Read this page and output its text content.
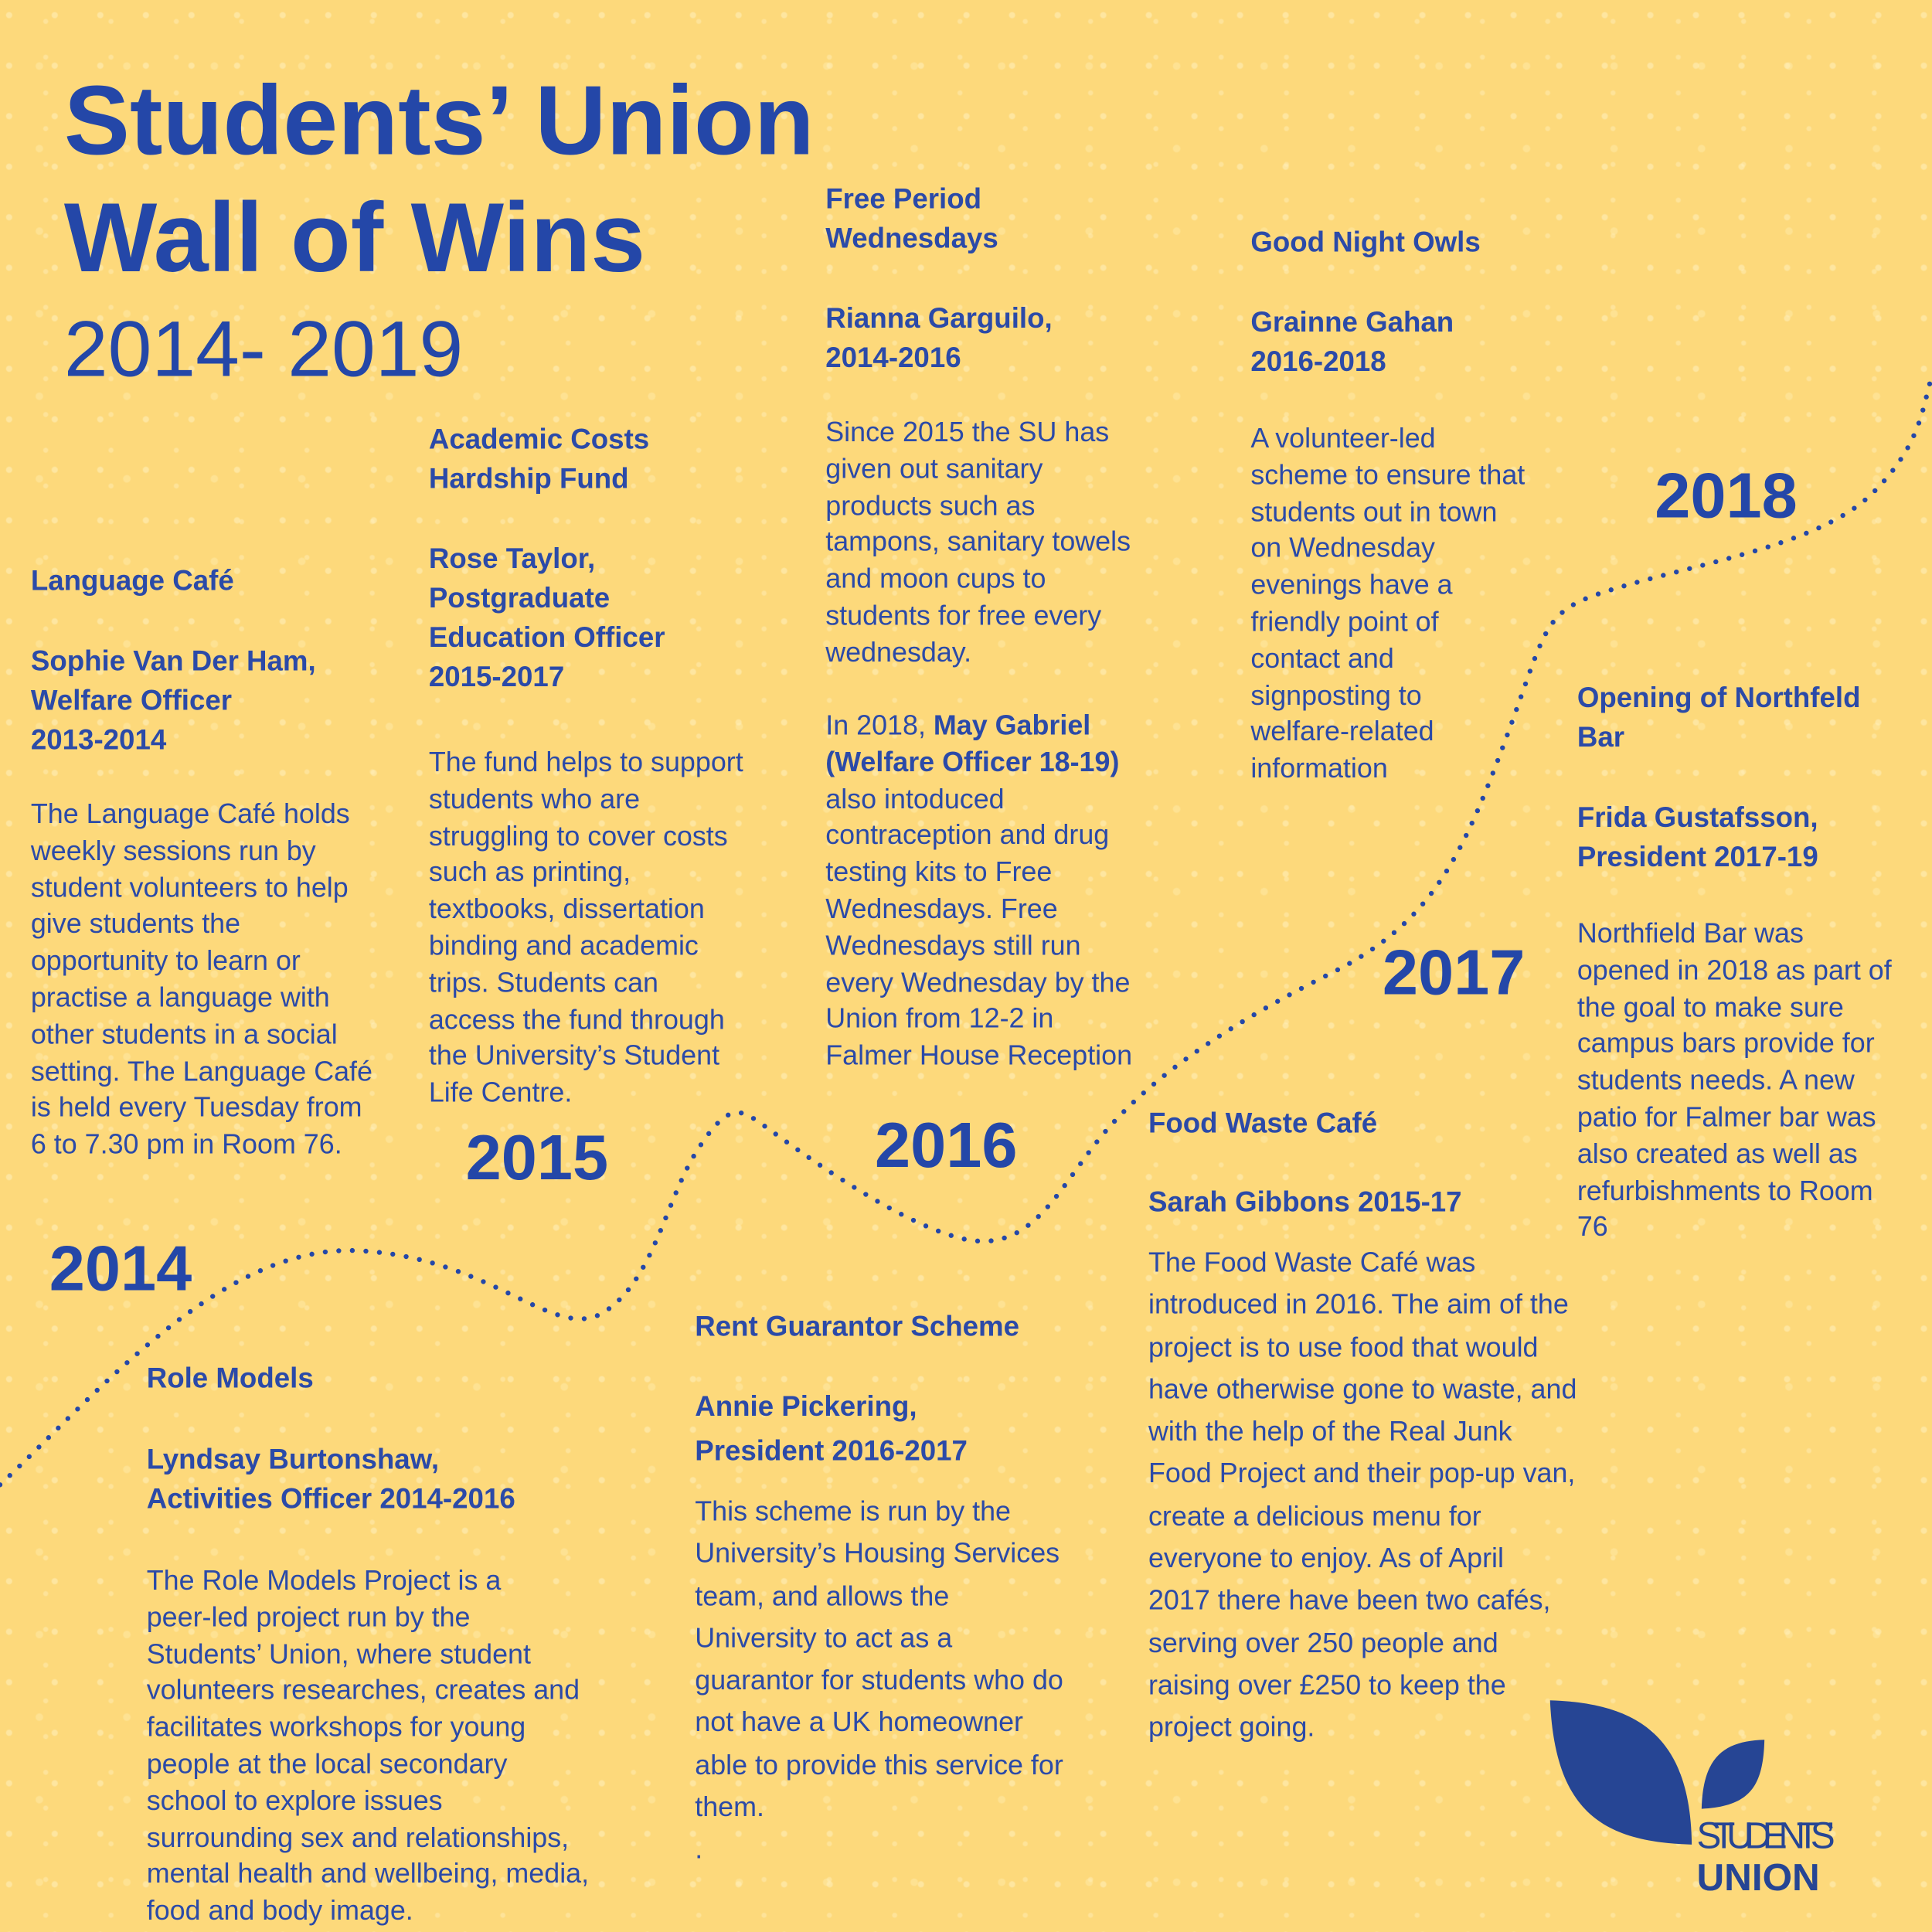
STUDENTS’
UNION
Students’ Union
Wall of Wins
2014- 2019
2014
2015	2016
2017
2018
Language Café
Sophie Van Der Ham,
Welfare Officer
2013-2014
The Language Café holds
weekly sessions run by
student volunteers to help
give students the
opportunity to learn or
practise a language with
other students in a social
setting. The Language Café
is held every Tuesday from
6 to 7.30 pm in Room 76.
Academic Costs
Hardship Fund
Rose Taylor,
Postgraduate
Education Officer
2015-2017
The fund helps to support
students who are
struggling to cover costs
such as printing,
textbooks, dissertation
binding and academic
trips. Students can
access the fund through
the University’s Student
Life Centre.
Free Period
Wednesdays
Rianna Garguilo,
2014-2016
Since 2015 the SU has
given out sanitary
products such as
tampons, sanitary towels
and moon cups to
students for free every
wednesday.
In 2018, May Gabriel
(Welfare Officer 18-19)
also intoduced
contraception and drug
testing kits to Free
Wednesdays. Free
Wednesdays still run
every Wednesday by the
Union from 12-2 in
Falmer House Reception
Good Night Owls
Grainne Gahan
2016-2018
A volunteer-led
scheme to ensure that
students out in town
on Wednesday
evenings have a
friendly point of
contact and
signposting to
welfare-related
information
Opening of Northfeld
Bar
Frida Gustafsson,
President 2017-19
Northfield Bar was
opened in 2018 as part of
the goal to make sure
campus bars provide for
students needs. A new
patio for Falmer bar was
also created as well as
refurbishments to Room
76
Food Waste Café
Sarah Gibbons 2015-17
The Food Waste Café was
introduced in 2016. The aim of the
project is to use food that would
have otherwise gone to waste, and
with the help of the Real Junk
Food Project and their pop-up van,
create a delicious menu for
everyone to enjoy. As of April
2017 there have been two cafés,
serving over 250 people and
raising over £250 to keep the
project going.
Rent Guarantor Scheme
Annie Pickering,
President 2016-2017
This scheme is run by the
University’s Housing Services
team, and allows the
University to act as a
guarantor for students who do
not have a UK homeowner
able to provide this service for
them.
.
Role Models
Lyndsay Burtonshaw,
Activities Officer 2014-2016
The Role Models Project is a
peer-led project run by the
Students’ Union, where student
volunteers researches, creates and
facilitates workshops for young
people at the local secondary
school to explore issues
surrounding sex and relationships,
mental health and wellbeing, media,
food and body image.
